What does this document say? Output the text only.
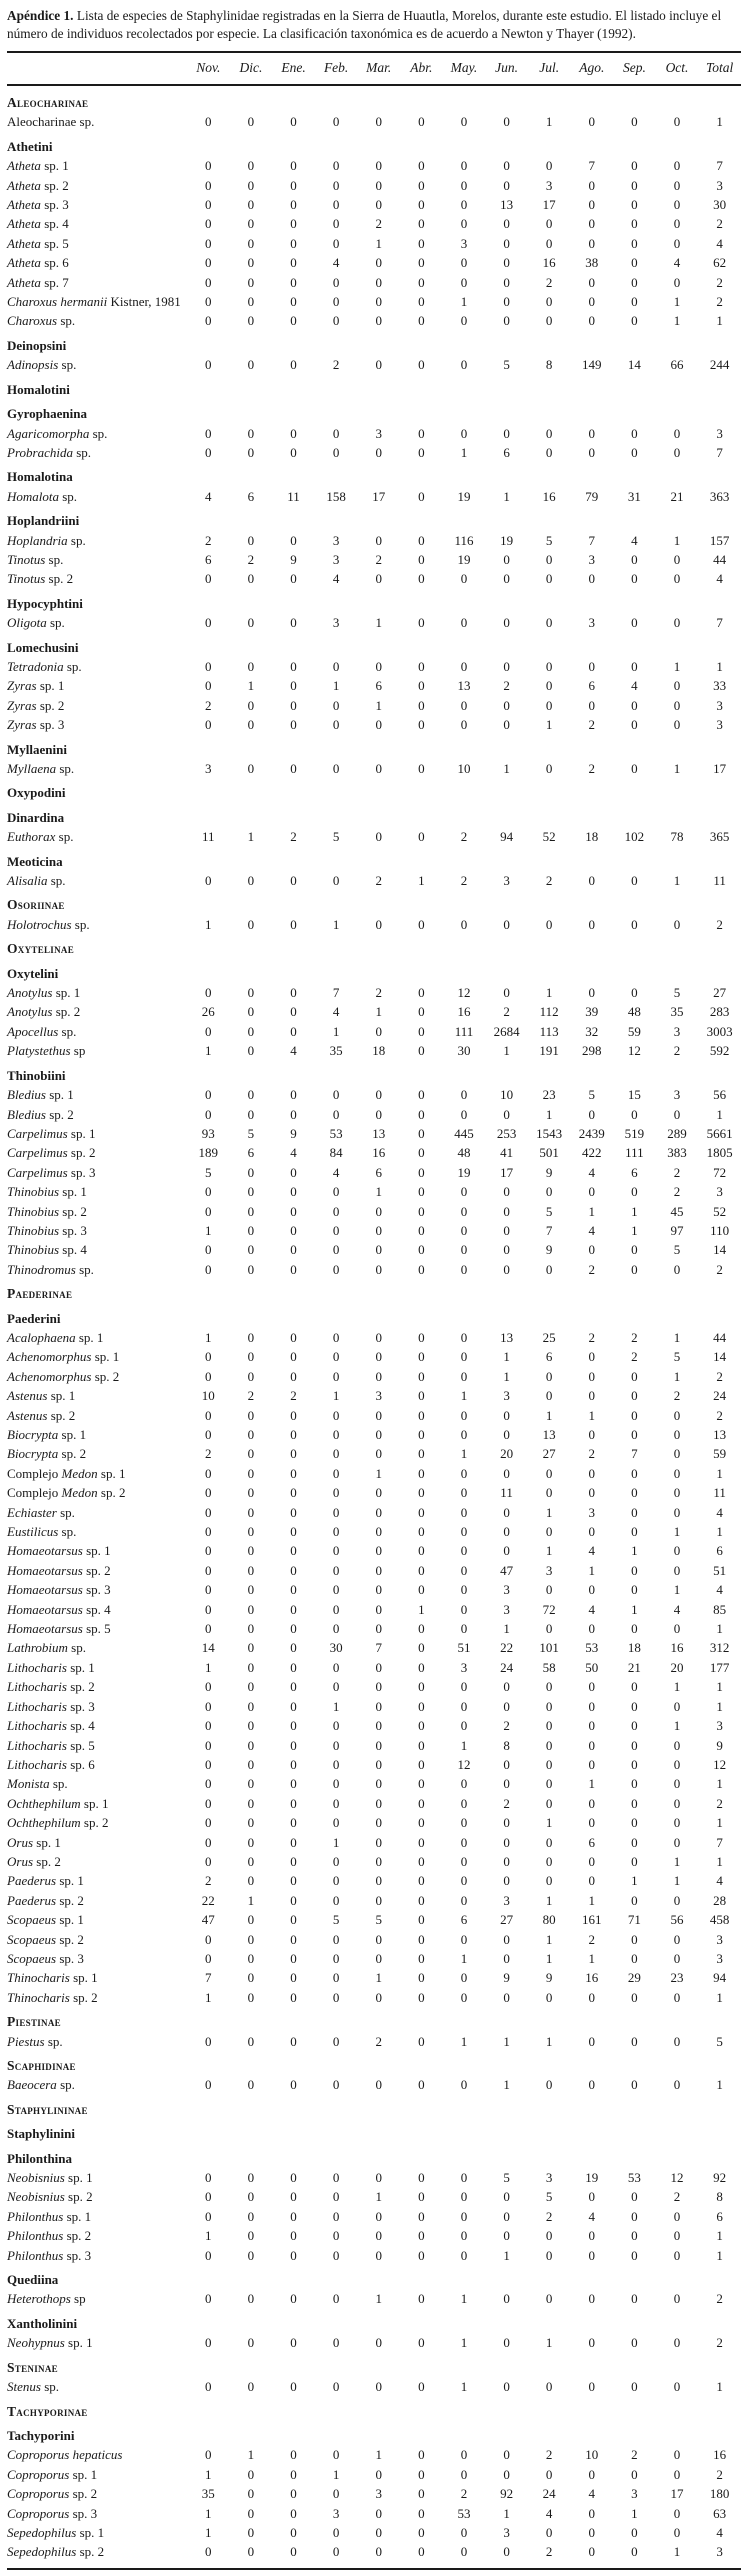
Apéndice 1. Lista de especies de Staphylinidae registradas en la Sierra de Huautla, Morelos, durante este estudio. El listado incluye el número de individuos recolectados por especie. La clasificación taxonómica es de acuerdo a Newton y Thayer (1992).

	Nov.	Dic.	Ene.	Feb.	Mar.	Abr.	May.	Jun.	Jul.	Ago.	Sep.	Oct.	Total
Aleocharinae													
Aleocharinae sp.	0	0	0	0	0	0	0	0	1	0	0	0	1
Athetini													
Atheta sp. 1	0	0	0	0	0	0	0	0	0	7	0	0	7
Atheta sp. 2	0	0	0	0	0	0	0	0	3	0	0	0	3
Atheta sp. 3	0	0	0	0	0	0	0	13	17	0	0	0	30
Atheta sp. 4	0	0	0	0	2	0	0	0	0	0	0	0	2
Atheta sp. 5	0	0	0	0	1	0	3	0	0	0	0	0	4
Atheta sp. 6	0	0	0	4	0	0	0	0	16	38	0	4	62
Atheta sp. 7	0	0	0	0	0	0	0	0	2	0	0	0	2
Charoxus hermanii Kistner, 1981	0	0	0	0	0	0	1	0	0	0	0	1	2
Charoxus sp.	0	0	0	0	0	0	0	0	0	0	0	1	1
Deinopsini													
Adinopsis sp.	0	0	0	2	0	0	0	5	8	149	14	66	244
Homalotini													
Gyrophaenina													
Agaricomorpha sp.	0	0	0	0	3	0	0	0	0	0	0	0	3
Probrachida sp.	0	0	0	0	0	0	1	6	0	0	0	0	7
Homalotina													
Homalota sp.	4	6	11	158	17	0	19	1	16	79	31	21	363
Hoplandriini													
Hoplandria sp.	2	0	0	3	0	0	116	19	5	7	4	1	157
Tinotus sp.	6	2	9	3	2	0	19	0	0	3	0	0	44
Tinotus sp. 2	0	0	0	4	0	0	0	0	0	0	0	0	4
Hypocyphtini													
Oligota sp.	0	0	0	3	1	0	0	0	0	3	0	0	7
Lomechusini													
Tetradonia sp.	0	0	0	0	0	0	0	0	0	0	0	1	1
Zyras sp. 1	0	1	0	1	6	0	13	2	0	6	4	0	33
Zyras sp. 2	2	0	0	0	1	0	0	0	0	0	0	0	3
Zyras sp. 3	0	0	0	0	0	0	0	0	1	2	0	0	3
Myllaenini													
Myllaena sp.	3	0	0	0	0	0	10	1	0	2	0	1	17
Oxypodini													
Dinardina													
Euthorax sp.	11	1	2	5	0	0	2	94	52	18	102	78	365
Meoticina													
Alisalia sp.	0	0	0	0	2	1	2	3	2	0	0	1	11
Osoriinae													
Holotrochus sp.	1	0	0	1	0	0	0	0	0	0	0	0	2
Oxytelinae													
Oxytelini													
Anotylus sp. 1	0	0	0	7	2	0	12	0	1	0	0	5	27
Anotylus sp. 2	26	0	0	4	1	0	16	2	112	39	48	35	283
Apocellus sp.	0	0	0	1	0	0	111	2684	113	32	59	3	3003
Platystethus sp	1	0	4	35	18	0	30	1	191	298	12	2	592
Thinobiini													
Bledius sp. 1	0	0	0	0	0	0	0	10	23	5	15	3	56
Bledius sp. 2	0	0	0	0	0	0	0	0	1	0	0	0	1
Carpelimus sp. 1	93	5	9	53	13	0	445	253	1543	2439	519	289	5661
Carpelimus sp. 2	189	6	4	84	16	0	48	41	501	422	111	383	1805
Carpelimus sp. 3	5	0	0	4	6	0	19	17	9	4	6	2	72
Thinobius sp. 1	0	0	0	0	1	0	0	0	0	0	0	2	3
Thinobius sp. 2	0	0	0	0	0	0	0	0	5	1	1	45	52
Thinobius sp. 3	1	0	0	0	0	0	0	0	7	4	1	97	110
Thinobius sp. 4	0	0	0	0	0	0	0	0	9	0	0	5	14
Thinodromus sp.	0	0	0	0	0	0	0	0	0	2	0	0	2
Paederinae													
Paederini													
Acalophaena sp. 1	1	0	0	0	0	0	0	13	25	2	2	1	44
Achenomorphus sp. 1	0	0	0	0	0	0	0	1	6	0	2	5	14
Achenomorphus sp. 2	0	0	0	0	0	0	0	1	0	0	0	1	2
Astenus sp. 1	10	2	2	1	3	0	1	3	0	0	0	2	24
Astenus sp. 2	0	0	0	0	0	0	0	0	1	1	0	0	2
Biocrypta sp. 1	0	0	0	0	0	0	0	0	13	0	0	0	13
Biocrypta sp. 2	2	0	0	0	0	0	1	20	27	2	7	0	59
Complejo Medon sp. 1	0	0	0	0	1	0	0	0	0	0	0	0	1
Complejo Medon sp. 2	0	0	0	0	0	0	0	11	0	0	0	0	11
Echiaster sp.	0	0	0	0	0	0	0	0	1	3	0	0	4
Eustilicus sp.	0	0	0	0	0	0	0	0	0	0	0	1	1
Homaeotarsus sp. 1	0	0	0	0	0	0	0	0	1	4	1	0	6
Homaeotarsus sp. 2	0	0	0	0	0	0	0	47	3	1	0	0	51
Homaeotarsus sp. 3	0	0	0	0	0	0	0	3	0	0	0	1	4
Homaeotarsus sp. 4	0	0	0	0	0	1	0	3	72	4	1	4	85
Homaeotarsus sp. 5	0	0	0	0	0	0	0	1	0	0	0	0	1
Lathrobium sp.	14	0	0	30	7	0	51	22	101	53	18	16	312
Lithocharis sp. 1	1	0	0	0	0	0	3	24	58	50	21	20	177
Lithocharis sp. 2	0	0	0	0	0	0	0	0	0	0	0	1	1
Lithocharis sp. 3	0	0	0	1	0	0	0	0	0	0	0	0	1
Lithocharis sp. 4	0	0	0	0	0	0	0	2	0	0	0	1	3
Lithocharis sp. 5	0	0	0	0	0	0	1	8	0	0	0	0	9
Lithocharis sp. 6	0	0	0	0	0	0	12	0	0	0	0	0	12
Monista sp.	0	0	0	0	0	0	0	0	0	1	0	0	1
Ochthephilum sp. 1	0	0	0	0	0	0	0	2	0	0	0	0	2
Ochthephilum sp. 2	0	0	0	0	0	0	0	0	1	0	0	0	1
Orus sp. 1	0	0	0	1	0	0	0	0	0	6	0	0	7
Orus sp. 2	0	0	0	0	0	0	0	0	0	0	0	1	1
Paederus sp. 1	2	0	0	0	0	0	0	0	0	0	1	1	4
Paederus sp. 2	22	1	0	0	0	0	0	3	1	1	0	0	28
Scopaeus sp. 1	47	0	0	5	5	0	6	27	80	161	71	56	458
Scopaeus sp. 2	0	0	0	0	0	0	0	0	1	2	0	0	3
Scopaeus sp. 3	0	0	0	0	0	0	1	0	1	1	0	0	3
Thinocharis sp. 1	7	0	0	0	1	0	0	9	9	16	29	23	94
Thinocharis sp. 2	1	0	0	0	0	0	0	0	0	0	0	0	1
Piestinae													
Piestus sp.	0	0	0	0	2	0	1	1	1	0	0	0	5
Scaphidinae													
Baeocera sp.	0	0	0	0	0	0	0	1	0	0	0	0	1
Staphylininae													
Staphylinini													
Philonthina													
Neobisnius sp. 1	0	0	0	0	0	0	0	5	3	19	53	12	92
Neobisnius sp. 2	0	0	0	0	1	0	0	0	5	0	0	2	8
Philonthus sp. 1	0	0	0	0	0	0	0	0	2	4	0	0	6
Philonthus sp. 2	1	0	0	0	0	0	0	0	0	0	0	0	1
Philonthus sp. 3	0	0	0	0	0	0	0	1	0	0	0	0	1
Quediina													
Heterothops sp	0	0	0	0	1	0	1	0	0	0	0	0	2
Xantholinini													
Neohypnus sp. 1	0	0	0	0	0	0	1	0	1	0	0	0	2
Steninae													
Stenus sp.	0	0	0	0	0	0	1	0	0	0	0	0	1
Tachyporinae													
Tachyporini													
Coproporus hepaticus	0	1	0	0	1	0	0	0	2	10	2	0	16
Coproporus sp. 1	1	0	0	1	0	0	0	0	0	0	0	0	2
Coproporus sp. 2	35	0	0	0	3	0	2	92	24	4	3	17	180
Coproporus sp. 3	1	0	0	3	0	0	53	1	4	0	1	0	63
Sepedophilus sp. 1	1	0	0	0	0	0	0	3	0	0	0	0	4
Sepedophilus sp. 2	0	0	0	0	0	0	0	0	2	0	0	1	3
